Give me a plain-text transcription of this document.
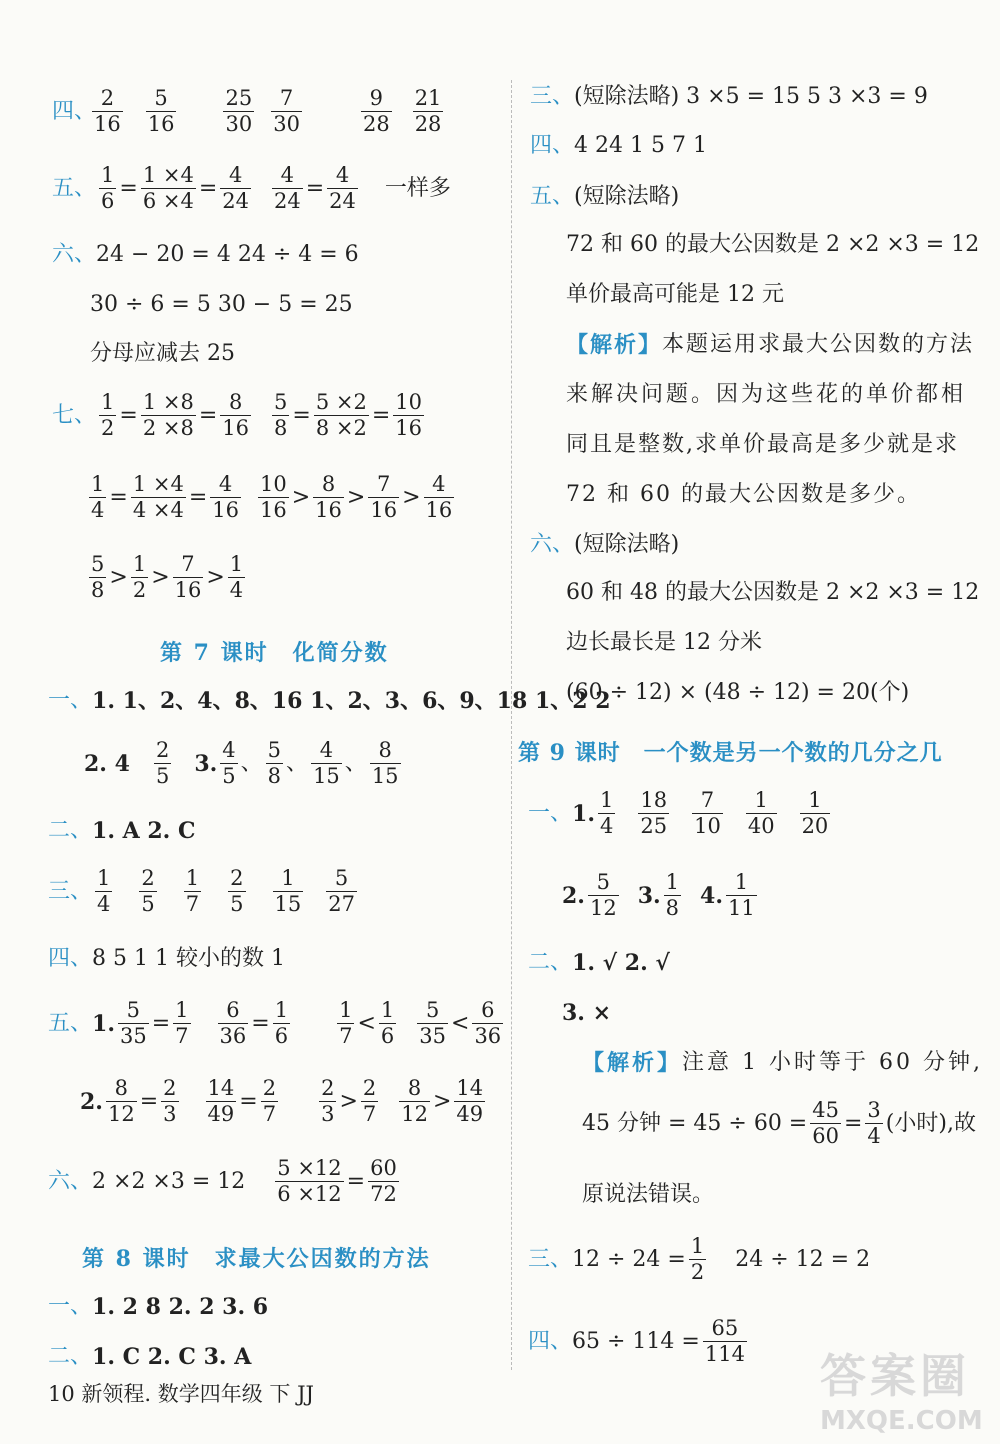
四、
2
16
5
16
25
30
7
30
9
28
21
28
五、
1
6
=
1 ×4
6 ×4
=
4
24
4
24
=
4
24
一样多
六、 24 − 20 = 4 24 ÷ 4 = 6
30 ÷ 6 = 5 30 − 5 = 25
分母应减去 25
七、
1
2
=
1 ×8
2 ×8
=
8
16
5
8
=
5 ×2
8 ×2
=
10
16
1
4
=
1 ×4
4 ×4
=
4
16
10
16
>
8
16
>
7
16
>
4
16
5
8
>
1
2
>
7
16
>
1
4
第 7 课时　化简分数
一、 1. 1、2、4、8、16 1、2、3、6、9、18 1、2 2
2. 4
2
5 3.
4
5
、
5
8
、
4
15
、
8
15
二、 1. A 2. C
三、
1
4
2
5
1
7
2
5
1
15
5
27
四、 8 5 1 1 较小的数 1
五、 1.
5
35
=
1
7
6
36
=
1
6
1
7
<
1
6
5
35
<
6
36
2.
8
12
=
2
3
14
49
=
2
7
2
3
>
2
7
8
12
>
14
49
六、 2 ×2 ×3 = 12
5 ×12
6 ×12
=
60
72
第 8 课时　求最大公因数的方法
一、 1. 2 8 2. 2 3. 6
二、 1. C 2. C 3. A
10 新领程. 数学四年级 下 JJ
三、 (短除法略) 3 ×5 = 15 5 3 ×3 = 9
四、 4 24 1 5 7 1
五、 (短除法略)
72 和 60 的最大公因数是 2 ×2 ×3 = 12
单价最高可能是 12 元
【解析】 本题运用求最大公因数的方法
来解决问题。因为这些花的单价都相
同且是整数,求单价最高是多少就是求
72 和 60 的最大公因数是多少。
六、 (短除法略)
60 和 48 的最大公因数是 2 ×2 ×3 = 12
边长最长是 12 分米
(60 ÷ 12) × (48 ÷ 12) = 20(个)
第 9 课时　一个数是另一个数的几分之几
一、 1.
1
4
18
25
7
10
1
40
1
20
2.
5
12 3.
1
8 4.
1
11
二、 1. √ 2. √
3. ×
【解析】 注意 1 小时等于 60 分钟,
45 分钟 = $45 \div 60 = \frac{45}{60}$ =
3
4
(小时),故
原说法错误。
三、 $12 \div 24 = \frac{1}{2} 24 \div 12 = 2$
四、 $65 \div 114 = \frac{65}{114}$
答案圈
MXQE.COM
